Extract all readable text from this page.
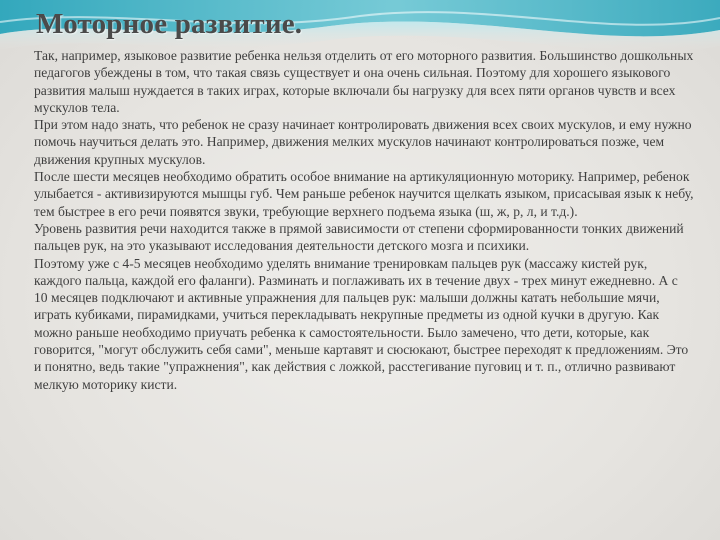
Моторное развитие.

Так, например, языковое развитие ребенка нельзя отделить от его моторного развития. Большинство дошкольных педагогов убеждены в том, что такая связь существует и она очень сильная. Поэтому для хорошего языкового развития малыш нуждается в таких играх, которые включали бы нагрузку для всех пяти органов чувств и всех мускулов тела.

При этом надо знать, что ребенок не сразу начинает контролировать движения всех своих мускулов, и ему нужно помочь научиться делать это. Например, движения мелких мускулов начинают контролироваться позже, чем движения крупных мускулов.

После шести месяцев необходимо обратить особое внимание на артикуляционную моторику. Например, ребенок улыбается - активизируются мышцы губ. Чем раньше ребенок научится щелкать языком, присасывая язык к небу, тем быстрее в его речи появятся звуки, требующие верхнего подъема языка (ш, ж, р, л, и т.д.).

Уровень развития речи находится также в прямой зависимости от степени сформированности тонких движений пальцев рук, на это указывают исследования деятельности детского мозга и психики.

Поэтому уже с 4-5 месяцев необходимо уделять внимание тренировкам пальцев рук (массажу кистей рук, каждого пальца, каждой его фаланги). Разминать и поглаживать их в течение двух - трех минут ежедневно. А с 10 месяцев подключают и активные упражнения для пальцев рук: малыши должны катать небольшие мячи, играть кубиками, пирамидками, учиться перекладывать некрупные предметы из одной кучки в другую. Как можно раньше необходимо приучать ребенка к самостоятельности. Было замечено, что дети, которые, как говорится, "могут обслужить себя сами", меньше картавят и сюсюкают, быстрее переходят к предложениям. Это и понятно, ведь такие "упражнения", как действия с ложкой, расстегивание пуговиц и т. п., отлично развивают мелкую моторику кисти.
